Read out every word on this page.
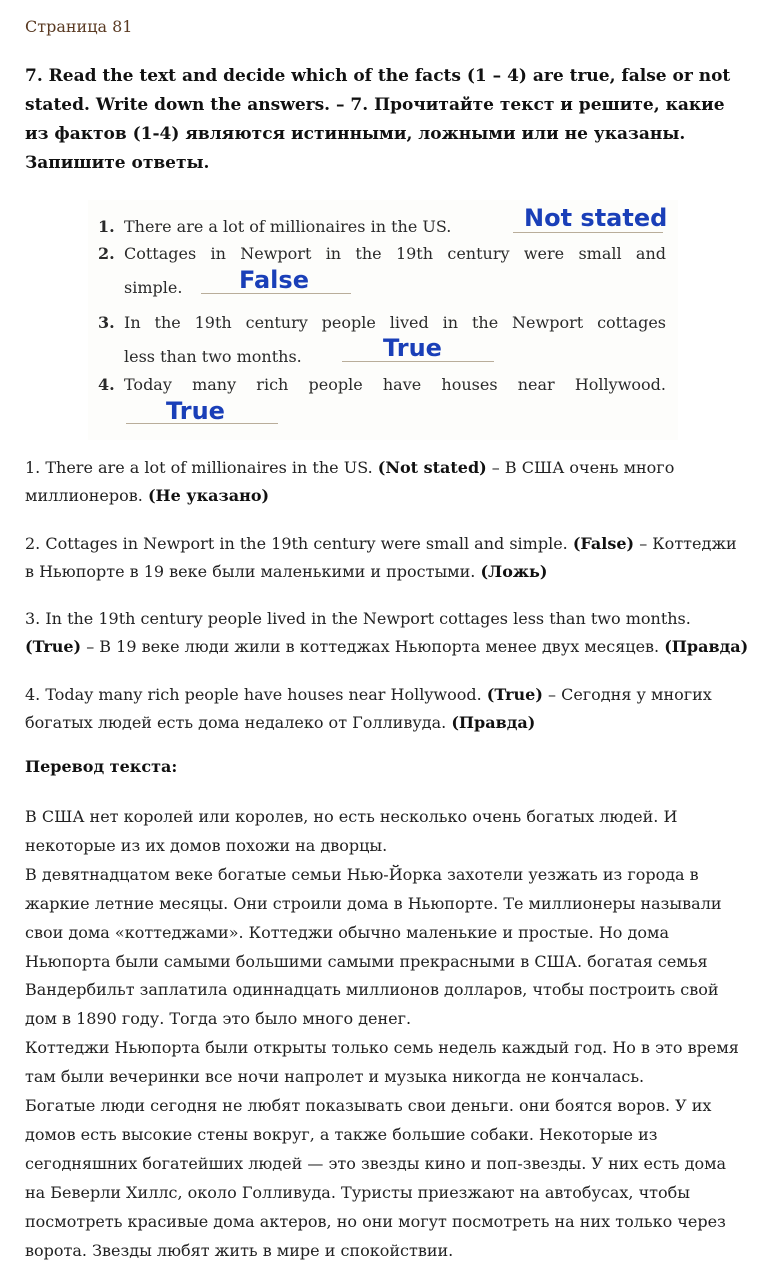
Страница 81
7. Read the text and decide which of the facts (1 – 4) are true, false or not stated. Write down the answers. – 7. Прочитайте текст и решите, какие из фактов (1-4) являются истинными, ложными или не указаны. Запишите ответы.
1. There are a lot of millionaires in the US.	Not stated
2. Cottages in Newport in the 19th century were small and
simple.	False
3. In the 19th century people lived in the Newport cottages
less than two months.	True
4. Today many rich people have houses near Hollywood.
True
1. There are a lot of millionaires in the US. (Not stated) – В США очень много миллионеров. (Не указано)
2. Cottages in Newport in the 19th century were small and simple. (False) – Коттеджи в Ньюпорте в 19 веке были маленькими и простыми. (Ложь)
3. In the 19th century people lived in the Newport cottages less than two months. (True) – В 19 веке люди жили в коттеджах Ньюпорта менее двух месяцев. (Правда)
4. Today many rich people have houses near Hollywood. (True) – Сегодня у многих богатых людей есть дома недалеко от Голливуда. (Правда)
Перевод текста:
В США нет королей или королев, но есть несколько очень богатых людей. И некоторые из их домов похожи на дворцы.
В девятнадцатом веке богатые семьи Нью-Йорка захотели уезжать из города в жаркие летние месяцы. Они строили дома в Ньюпорте. Те миллионеры называли свои дома «коттеджами». Коттеджи обычно маленькие и простые. Но дома Ньюпорта были самыми большими самыми прекрасными в США. богатая семья Вандербильт заплатила одиннадцать миллионов долларов, чтобы построить свой дом в 1890 году. Тогда это было много денег.
Коттеджи Ньюпорта были открыты только семь недель каждый год. Но в это время там были вечеринки все ночи напролет и музыка никогда не кончалась.
Богатые люди сегодня не любят показывать свои деньги. они боятся воров. У их домов есть высокие стены вокруг, а также большие собаки. Некоторые из сегодняшних богатейших людей — это звезды кино и поп-звезды. У них есть дома на Беверли Хиллс, около Голливуда. Туристы приезжают на автобусах, чтобы посмотреть красивые дома актеров, но они могут посмотреть на них только через ворота. Звезды любят жить в мире и спокойствии.
